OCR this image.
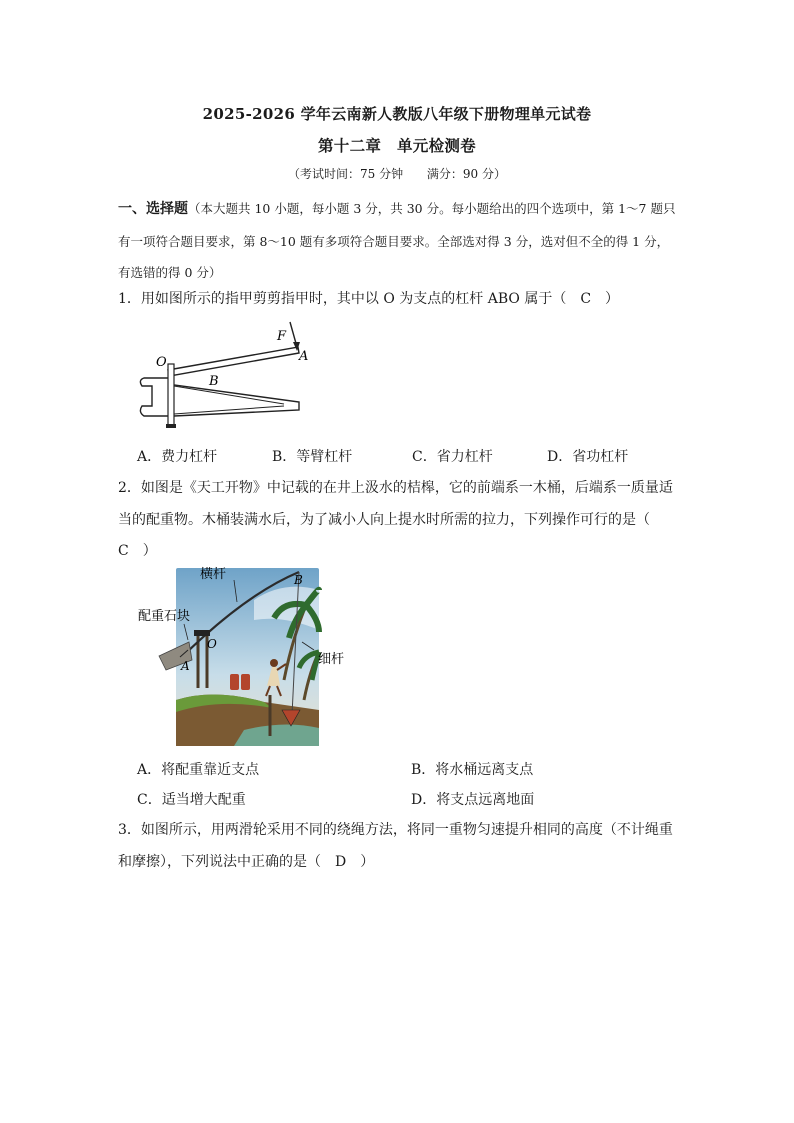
2025-2026 学年云南新人教版八年级下册物理单元试卷
第十二章　单元检测卷
（考试时间：75 分钟 满分：90 分）
一、选择题（本大题共 10 小题，每小题 3 分，共 30 分。每小题给出的四个选项中，第 1～7 题只有一项符合题目要求，第 8～10 题有多项符合题目要求。全部选对得 3 分，选对但不全的得 1 分，有选错的得 0 分）
1．用如图所示的指甲剪剪指甲时，其中以 O 为支点的杠杆 ABO 属于（　C　）
O
B
F
A
A．费力杠杆	B．等臂杠杆	C．省力杠杆	D．省功杠杆
2．如图是《天工开物》中记载的在井上汲水的桔槔，它的前端系一木桶，后端系一质量适当的配重物。木桶装满水后，为了减小人向上提水时所需的拉力，下列操作可行的是（　C　）
横杆
配重石块
细杆
O
A
B
A．将配重靠近支点	B．将水桶远离支点
C．适当增大配重	D．将支点远离地面
3．如图所示，用两滑轮采用不同的绕绳方法，将同一重物匀速提升相同的高度（不计绳重和摩擦），下列说法中正确的是（　D　）
